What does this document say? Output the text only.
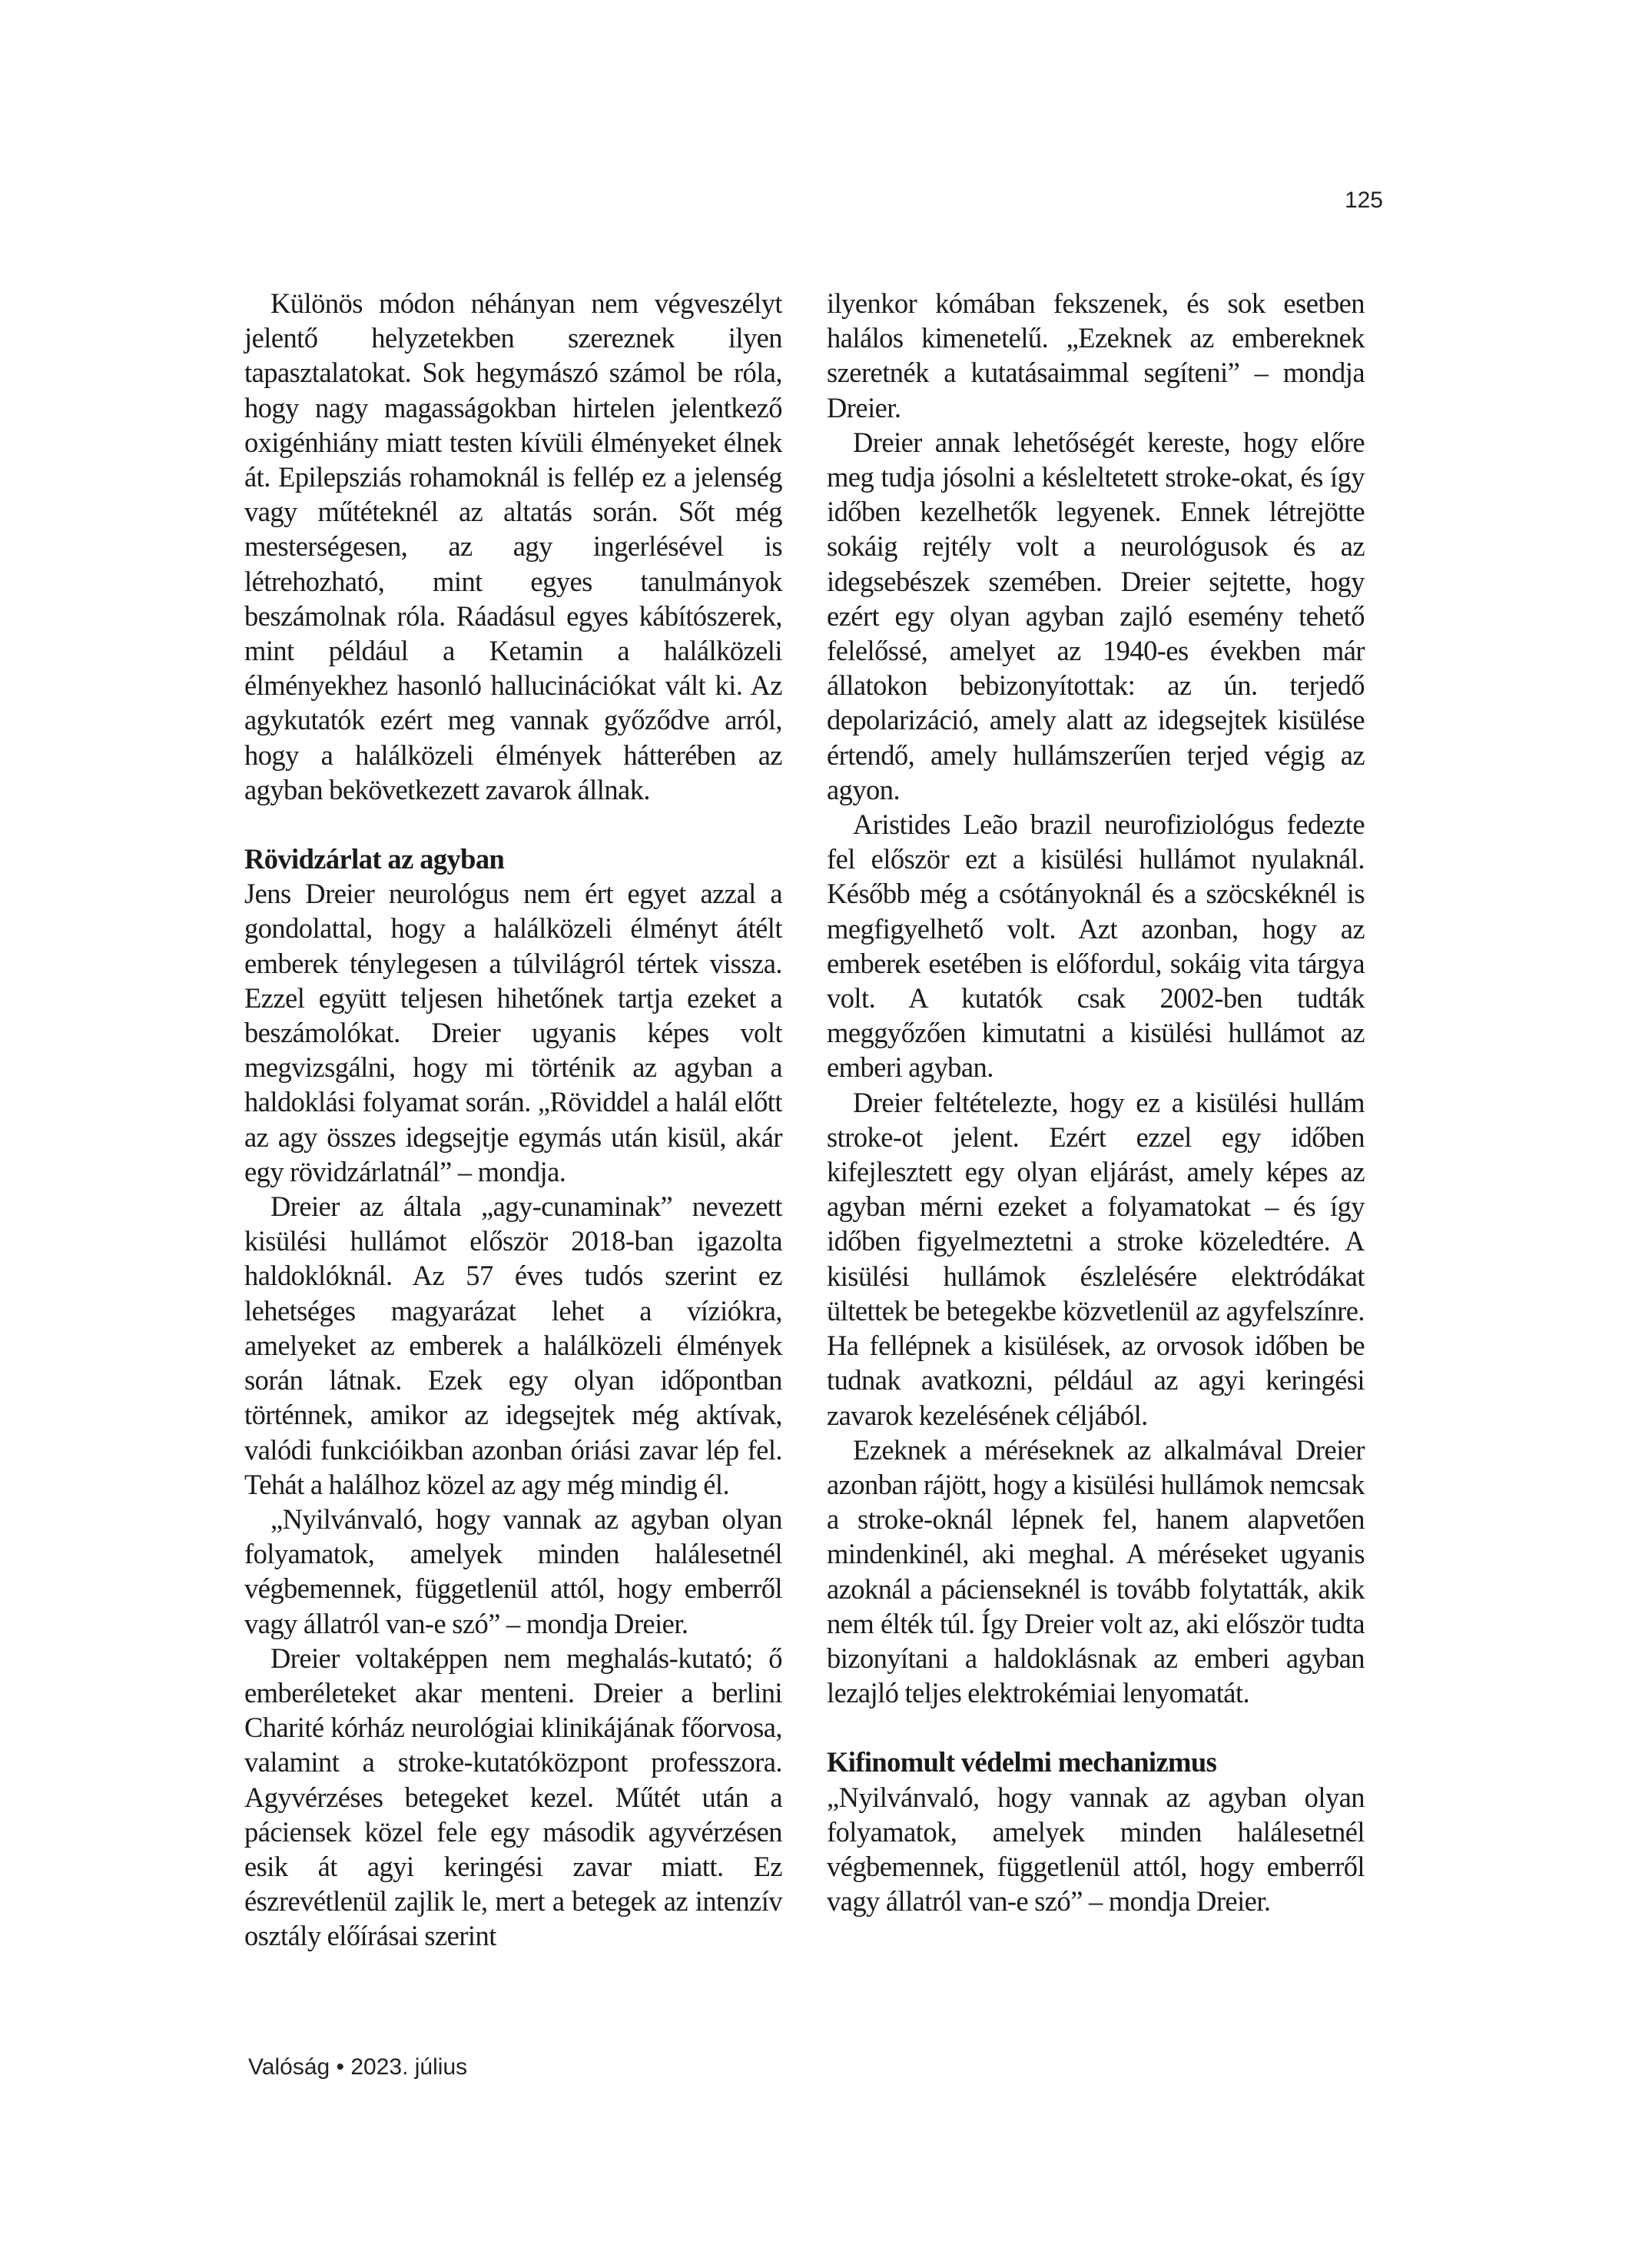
125

Különös módon néhányan nem végveszélyt jelentő helyzetekben szereznek ilyen tapasztalatokat. Sok hegymászó számol be róla, hogy nagy magasságokban hirtelen jelentkező oxigénhiány miatt testen kívüli élményeket élnek át. Epilepsziás rohamoknál is fellép ez a jelenség vagy műtéteknél az altatás során. Sőt még mesterségesen, az agy ingerlésével is létrehozható, mint egyes tanulmányok beszámolnak róla. Ráadásul egyes kábítószerek, mint például a Ketamin a halálközeli élményekhez hasonló hallucinációkat vált ki. Az agykutatók ezért meg vannak győződve arról, hogy a halálközeli élmények hátterében az agyban bekövetkezett zavarok állnak.

Rövidzárlat az agyban

Jens Dreier neurológus nem ért egyet azzal a gondolattal, hogy a halálközeli élményt átélt emberek ténylegesen a túlvilágról tértek vissza. Ezzel együtt teljesen hihetőnek tartja ezeket a beszámolókat. Dreier ugyanis képes volt megvizsgálni, hogy mi történik az agyban a haldoklási folyamat során. „Röviddel a halál előtt az agy összes idegsejtje egymás után kisül, akár egy rövidzárlatnál” – mondja.

Dreier az általa „agy-cunaminak” nevezett kisülési hullámot először 2018-ban igazolta haldoklóknál. Az 57 éves tudós szerint ez lehetséges magyarázat lehet a víziókra, amelyeket az emberek a halálközeli élmények során látnak. Ezek egy olyan időpontban történnek, amikor az idegsejtek még aktívak, valódi funkcióikban azonban óriási zavar lép fel. Tehát a halálhoz közel az agy még mindig él.

„Nyilvánvaló, hogy vannak az agyban olyan folyamatok, amelyek minden halálesetnél végbemennek, függetlenül attól, hogy emberről vagy állatról van-e szó” – mondja Dreier.

Dreier voltaképpen nem meghalás-kutató; ő emberéleteket akar menteni. Dreier a berlini Charité kórház neurológiai klinikájának főorvosa, valamint a stroke-kutatóközpont professzora. Agyvérzéses betegeket kezel. Műtét után a páciensek közel fele egy második agyvérzésen esik át agyi keringési zavar miatt. Ez észrevétlenül zajlik le, mert a betegek az intenzív osztály előírásai szerint

ilyenkor kómában fekszenek, és sok esetben halálos kimenetelű. „Ezeknek az embereknek szeretnék a kutatásaimmal segíteni” – mondja Dreier.

Dreier annak lehetőségét kereste, hogy előre meg tudja jósolni a késleltetett stroke-okat, és így időben kezelhetők legyenek. Ennek létrejötte sokáig rejtély volt a neurológusok és az idegsebészek szemében. Dreier sejtette, hogy ezért egy olyan agyban zajló esemény tehető felelőssé, amelyet az 1940-es években már állatokon bebizonyítottak: az ún. terjedő depolarizáció, amely alatt az idegsejtek kisülése értendő, amely hullámszerűen terjed végig az agyon.

Aristides Leão brazil neurofiziológus fedezte fel először ezt a kisülési hullámot nyulaknál. Később még a csótányoknál és a szöcskéknél is megfigyelhető volt. Azt azonban, hogy az emberek esetében is előfordul, sokáig vita tárgya volt. A kutatók csak 2002-ben tudták meggyőzően kimutatni a kisülési hullámot az emberi agyban.

Dreier feltételezte, hogy ez a kisülési hullám stroke-ot jelent. Ezért ezzel egy időben kifejlesztett egy olyan eljárást, amely képes az agyban mérni ezeket a folyamatokat – és így időben figyelmeztetni a stroke közeledtére. A kisülési hullámok észlelésére elektródákat ültettek be betegekbe közvetlenül az agyfelszínre. Ha fellépnek a kisülések, az orvosok időben be tudnak avatkozni, például az agyi keringési zavarok kezelésének céljából.

Ezeknek a méréseknek az alkalmával Dreier azonban rájött, hogy a kisülési hullámok nemcsak a stroke-oknál lépnek fel, hanem alapvetően mindenkinél, aki meghal. A méréseket ugyanis azoknál a pácienseknél is tovább folytatták, akik nem élték túl. Így Dreier volt az, aki először tudta bizonyítani a haldoklásnak az emberi agyban lezajló teljes elektrokémiai lenyomatát.

Kifinomult védelmi mechanizmus

„Nyilvánvaló, hogy vannak az agyban olyan folyamatok, amelyek minden halálesetnél végbemennek, függetlenül attól, hogy emberről vagy állatról van-e szó” – mondja Dreier.

Valóság • 2023. július
